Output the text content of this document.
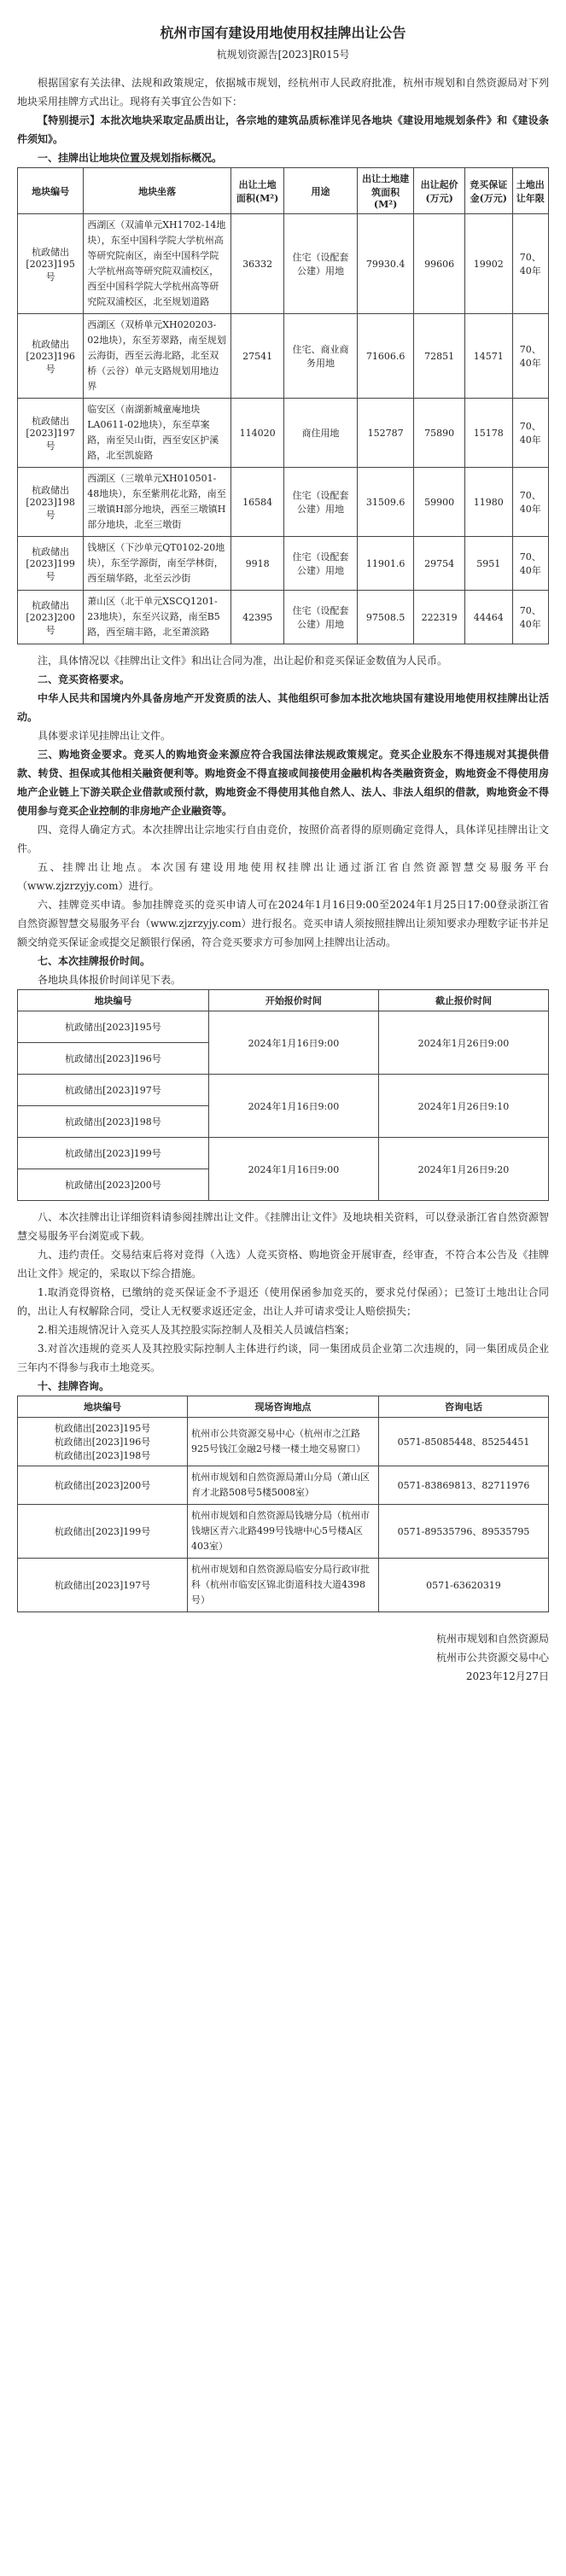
杭州市国有建设用地使用权挂牌出让公告
杭规划资源告[2023]R015号

根据国家有关法律、法规和政策规定，依据城市规划，经杭州市人民政府批准，杭州市规划和自然资源局对下列地块采用挂牌方式出让。现将有关事宜公告如下：

【特别提示】本批次地块采取定品质出让，各宗地的建筑品质标准详见各地块《建设用地规划条件》和《建设条件须知》。

一、挂牌出让地块位置及规划指标概况。
地块编号	地块坐落	出让土地面积(M²)	用途	出让土地建筑面积(M²)	出让起价(万元)	竞买保证金(万元)	土地出让年限
杭政储出[2023]195号	西湖区（双浦单元XH1702-14地块），东至中国科学院大学杭州高等研究院南区，南至中国科学院大学杭州高等研究院双浦校区，西至中国科学院大学杭州高等研究院双浦校区，北至规划道路	36332	住宅（设配套公建）用地	79930.4	99606	19902	70、40年
杭政储出[2023]196号	西湖区（双桥单元XH020203-02地块），东至芳翠路，南至规划云海街，西至云海北路，北至双桥（云谷）单元支路规划用地边界	27541	住宅、商业商务用地	71606.6	72851	14571	70、40年
杭政储出[2023]197号	临安区（南湖新城童庵地块LA0611-02地块），东至草案路，南至吴山街，西至安区护溪路，北至凯旋路	114020	商住用地	152787	75890	15178	70、40年
杭政储出[2023]198号	西湖区（三墩单元XH010501-48地块），东至紫荆花北路，南至三墩镇H部分地块，西至三墩镇H部分地块，北至三墩街	16584	住宅（设配套公建）用地	31509.6	59900	11980	70、40年
杭政储出[2023]199号	钱塘区（下沙单元QT0102-20地块），东至学源街，南至学林街，西至瑞华路，北至云沙街	9918	住宅（设配套公建）用地	11901.6	29754	5951	70、40年
杭政储出[2023]200号	萧山区（北干单元XSCQ1201-23地块），东至兴议路，南至B5路，西至瑞丰路，北至萧滨路	42395	住宅（设配套公建）用地	97508.5	222319	44464	70、40年

注，具体情况以《挂牌出让文件》和出让合同为准，出让起价和竞买保证金数值为人民币。

二、竞买资格要求。

中华人民共和国境内外具备房地产开发资质的法人、其他组织可参加本批次地块国有建设用地使用权挂牌出让活动。

具体要求详见挂牌出让文件。

三、购地资金要求。竞买人的购地资金来源应符合我国法律法规政策规定。竞买企业股东不得违规对其提供借款、转贷、担保或其他相关融资便利等。购地资金不得直接或间接使用金融机构各类融资资金，购地资金不得使用房地产企业链上下游关联企业借款或预付款，购地资金不得使用其他自然人、法人、非法人组织的借款，购地资金不得使用参与竞买企业控制的非房地产企业融资等。

四、竞得人确定方式。本次挂牌出让宗地实行自由竞价，按照价高者得的原则确定竞得人，具体详见挂牌出让文件。

五、挂牌出让地点。本次国有建设用地使用权挂牌出让通过浙江省自然资源智慧交易服务平台（www.zjzrzyjy.com）进行。

六、挂牌竞买申请。参加挂牌竞买的竞买申请人可在2024年1月16日9:00至2024年1月25日17:00登录浙江省自然资源智慧交易服务平台（www.zjzrzyjy.com）进行报名。竞买申请人须按照挂牌出让须知要求办理数字证书并足额交纳竞买保证金或提交足额银行保函，符合竞买要求方可参加网上挂牌出让活动。

七、本次挂牌报价时间。

各地块具体报价时间详见下表。

地块编号	开始报价时间	截止报价时间
杭政储出[2023]195号	2024年1月16日9:00	2024年1月26日9:00
杭政储出[2023]196号		
杭政储出[2023]197号	2024年1月16日9:00	2024年1月26日9:10
杭政储出[2023]198号		
杭政储出[2023]199号	2024年1月16日9:00	2024年1月26日9:20
杭政储出[2023]200号		

八、本次挂牌出让详细资料请参阅挂牌出让文件。《挂牌出让文件》及地块相关资料，可以登录浙江省自然资源智慧交易服务平台浏览或下载。

九、违约责任。交易结束后将对竞得（入选）人竞买资格、购地资金开展审查，经审查，不符合本公告及《挂牌出让文件》规定的，采取以下综合措施。

1.取消竞得资格，已缴纳的竞买保证金不予退还（使用保函参加竞买的，要求兑付保函）；已签订土地出让合同的，出让人有权解除合同，受让人无权要求返还定金，出让人并可请求受让人赔偿损失；

2.相关违规情况计入竞买人及其控股实际控制人及相关人员诚信档案；

3.对首次违规的竞买人及其控股实际控制人主体进行约谈，同一集团成员企业第二次违规的，同一集团成员企业三年内不得参与我市土地竞买。

十、挂牌咨询。
地块编号	现场咨询地点	咨询电话

杭政储出[2023]195号
杭政储出[2023]196号
杭政储出[2023]198号	杭州市公共资源交易中心（杭州市之江路925号钱江金融2号楼一楼土地交易窗口）	0571-85085448、85254451
杭政储出[2023]200号	杭州市规划和自然资源局萧山分局（萧山区育才北路508号5楼5008室）	0571-83869813、82711976
杭政储出[2023]199号	杭州市规划和自然资源局钱塘分局（杭州市钱塘区青六北路499号钱塘中心5号楼A区403室）	0571-89535796、89535795
杭政储出[2023]197号	杭州市规划和自然资源局临安分局行政审批科（杭州市临安区锦北街道科技大道4398号）	0571-63620319
杭州市规划和自然资源局
杭州市公共资源交易中心
2023年12月27日
